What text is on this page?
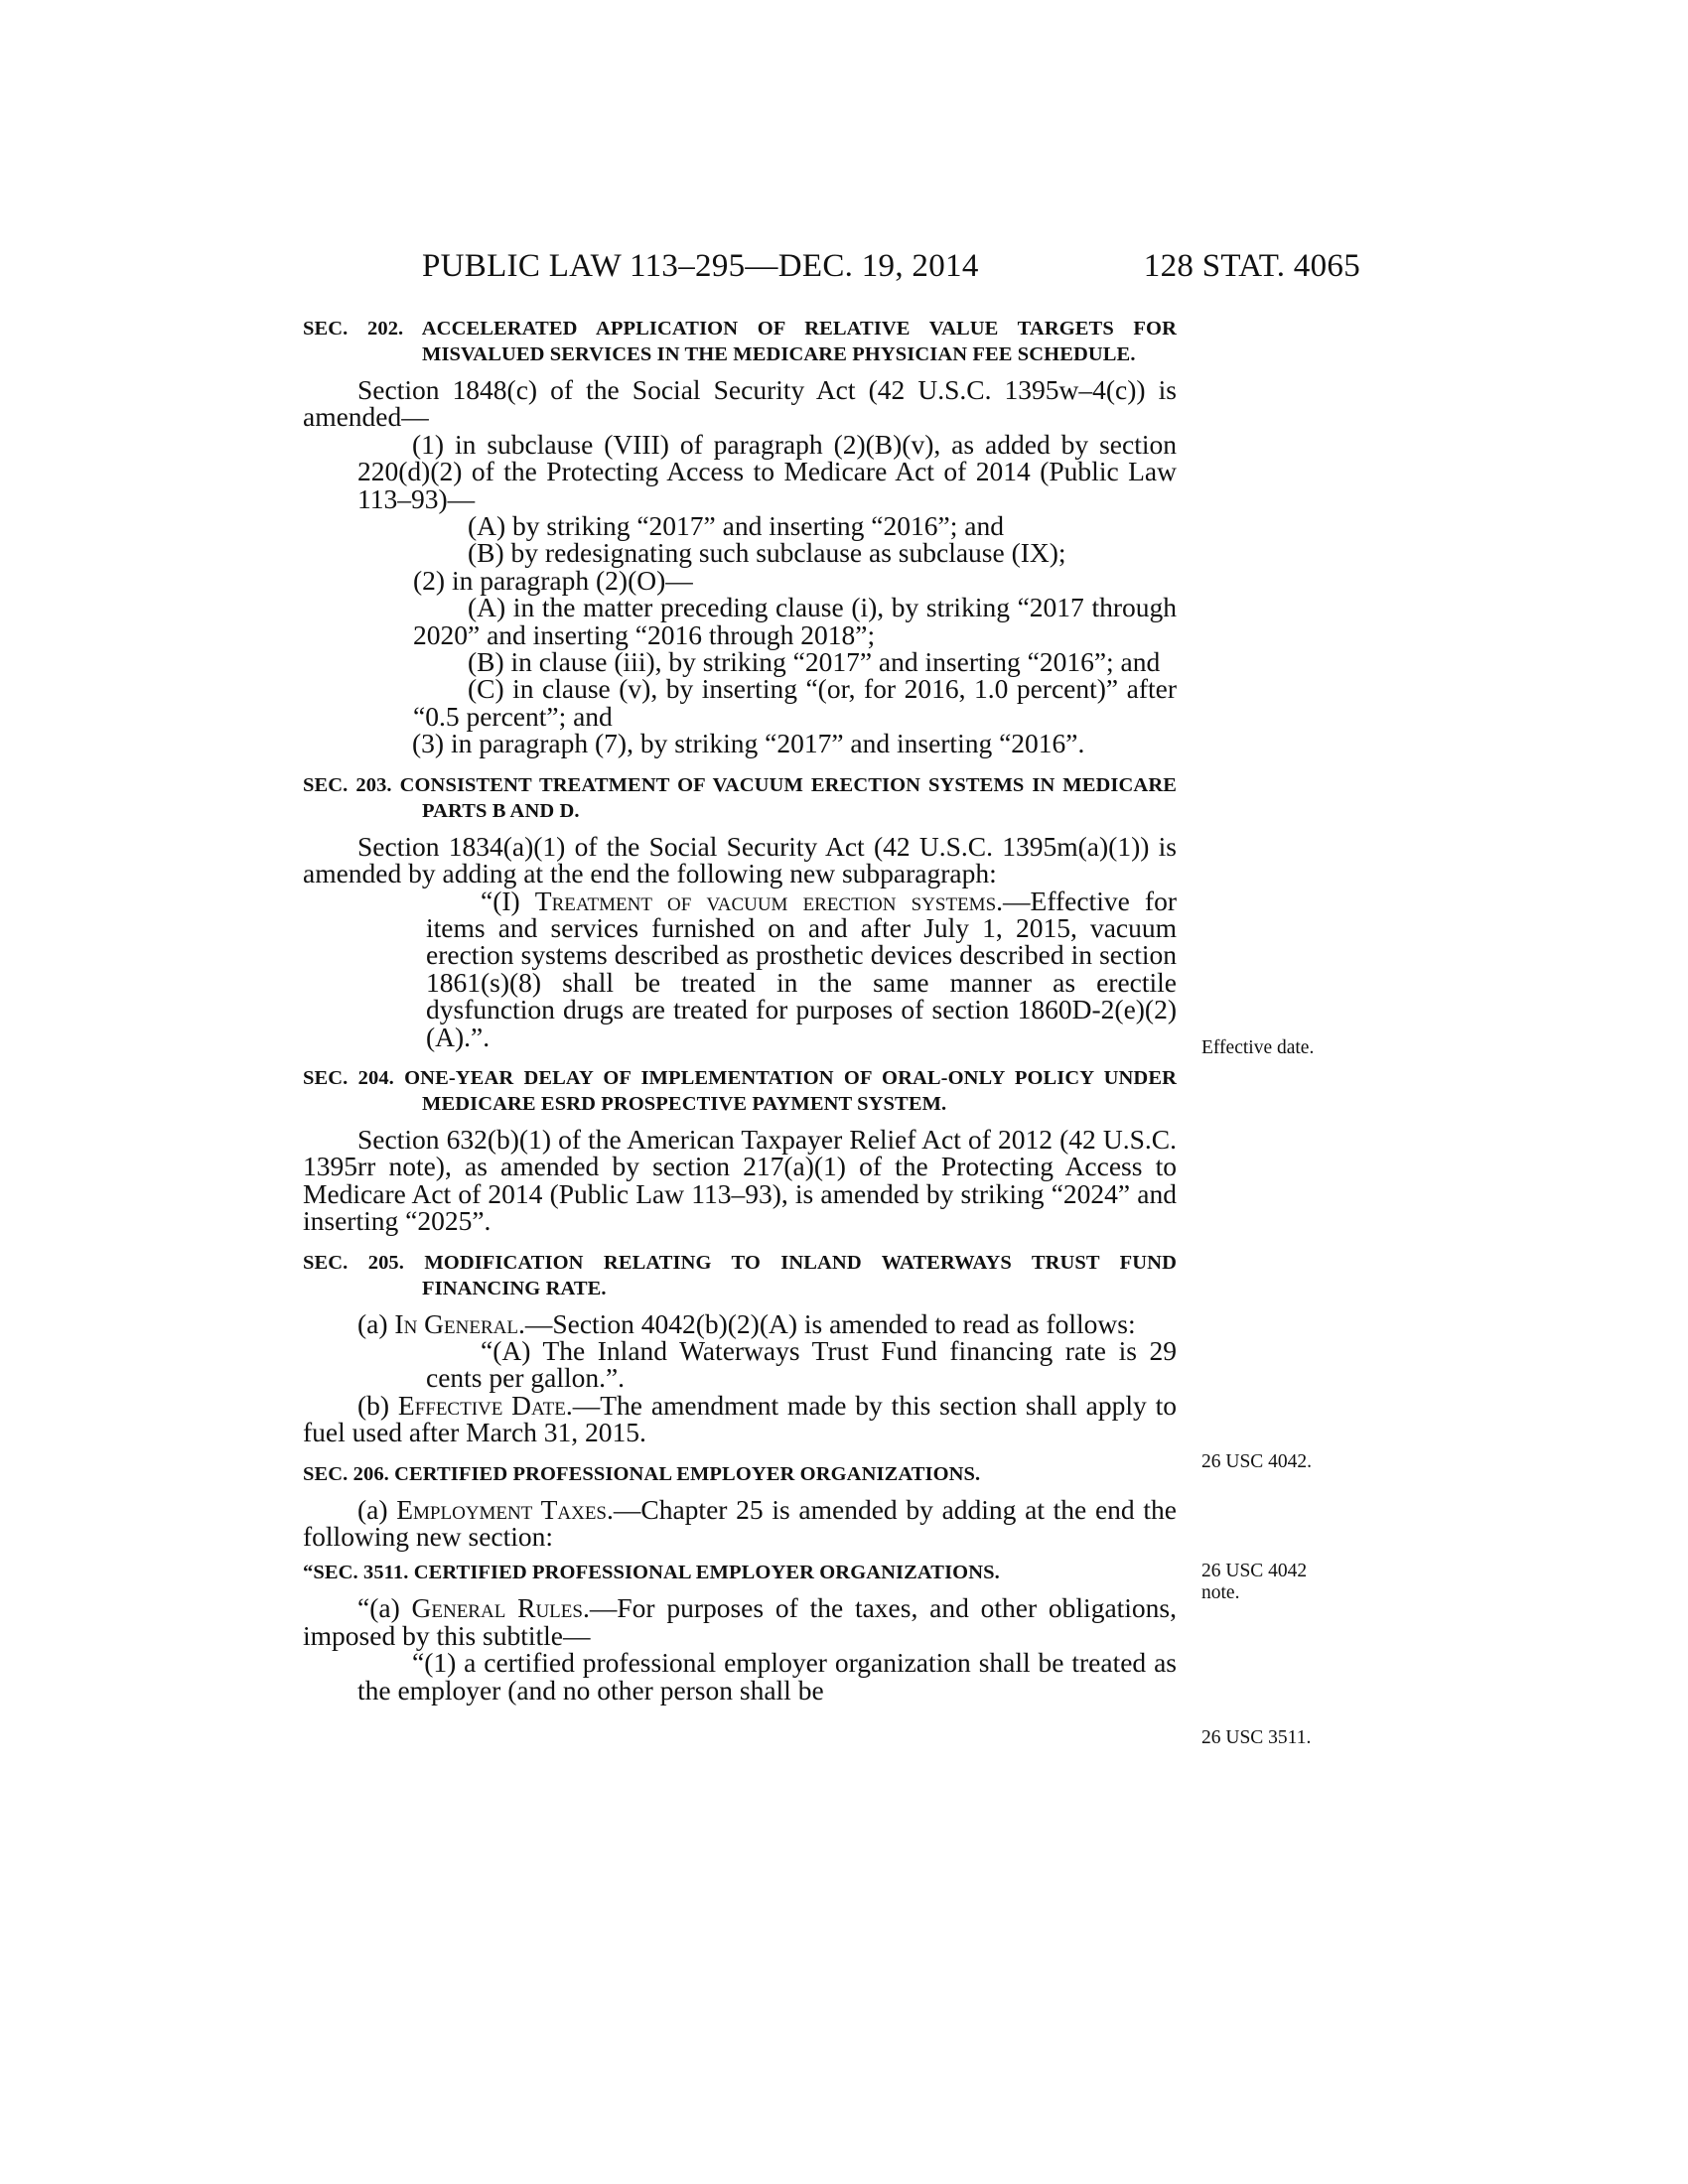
PUBLIC LAW 113–295—DEC. 19, 2014	128 STAT. 4065
SEC. 202. ACCELERATED APPLICATION OF RELATIVE VALUE TARGETS FOR MISVALUED SERVICES IN THE MEDICARE PHYSICIAN FEE SCHEDULE.

Section 1848(c) of the Social Security Act (42 U.S.C. 1395w–4(c)) is amended—

(1) in subclause (VIII) of paragraph (2)(B)(v), as added by section 220(d)(2) of the Protecting Access to Medicare Act of 2014 (Public Law 113–93)—

(A) by striking “2017” and inserting “2016”; and

(B) by redesignating such subclause as subclause (IX);

(2) in paragraph (2)(O)—

(A) in the matter preceding clause (i), by striking “2017 through 2020” and inserting “2016 through 2018”;

(B) in clause (iii), by striking “2017” and inserting “2016”; and

(C) in clause (v), by inserting “(or, for 2016, 1.0 percent)” after “0.5 percent”; and

(3) in paragraph (7), by striking “2017” and inserting “2016”.

SEC. 203. CONSISTENT TREATMENT OF VACUUM ERECTION SYSTEMS IN MEDICARE PARTS B AND D.

Section 1834(a)(1) of the Social Security Act (42 U.S.C. 1395m(a)(1)) is amended by adding at the end the following new subparagraph:

“(I) Treatment of vacuum erection systems.—Effective for items and services furnished on and after July 1, 2015, vacuum erection systems described as prosthetic devices described in section 1861(s)(8) shall be treated in the same manner as erectile dysfunction drugs are treated for purposes of section 1860D-2(e)(2)(A).”.

SEC. 204. ONE-YEAR DELAY OF IMPLEMENTATION OF ORAL-ONLY POLICY UNDER MEDICARE ESRD PROSPECTIVE PAYMENT SYSTEM.

Section 632(b)(1) of the American Taxpayer Relief Act of 2012 (42 U.S.C. 1395rr note), as amended by section 217(a)(1) of the Protecting Access to Medicare Act of 2014 (Public Law 113–93), is amended by striking “2024” and inserting “2025”.

SEC. 205. MODIFICATION RELATING TO INLAND WATERWAYS TRUST FUND FINANCING RATE.

(a) In General.—Section 4042(b)(2)(A) is amended to read as follows:

“(A) The Inland Waterways Trust Fund financing rate is 29 cents per gallon.”.

(b) Effective Date.—The amendment made by this section shall apply to fuel used after March 31, 2015.

SEC. 206. CERTIFIED PROFESSIONAL EMPLOYER ORGANIZATIONS.

(a) Employment Taxes.—Chapter 25 is amended by adding at the end the following new section:

“SEC. 3511. CERTIFIED PROFESSIONAL EMPLOYER ORGANIZATIONS.

“(a) General Rules.—For purposes of the taxes, and other obligations, imposed by this subtitle—

“(1) a certified professional employer organization shall be treated as the employer (and no other person shall be

Effective date.
26 USC 4042.
26 USC 4042 note.
26 USC 3511.
